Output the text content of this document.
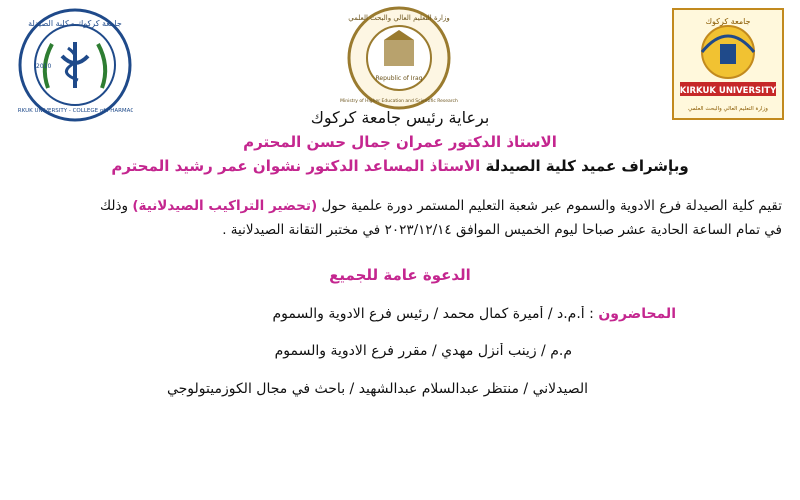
جامعة كركوك - كلية الصيدلة
KIRKUK UNIVERSITY - COLLEGE of PHARMACY
2010
وزارة التعليم العالي والبحث العلمي
Republic of Iraq
Ministry of Higher Education and Scientific Research
جامعة كركوك
KIRKUK UNIVERSITY
وزارة التعليم العالي والبحث العلمي
برعاية رئيس جامعة كركوك
الاستاذ الدكتور عمران جمال حسن المحترم
وبإشراف عميد كلية الصيدلة الاستاذ المساعد الدكتور نشوان عمر رشيد المحترم
تقيم كلية الصيدلة فرع الادوية والسموم عبر شعبة التعليم المستمر دورة علمية حول (تحضير التراكيب الصيدلانية) وذلك
في تمام الساعة الحادية عشر صباحا ليوم الخميس الموافق ٢٠٢٣/١٢/١٤ في مختبر التقانة الصيدلانية .
الدعوة عامة للجميع
المحاضرون : أ.م.د / أميرة كمال محمد / رئيس فرع الادوية والسموم
م.م / زينب أنزل مهدي / مقرر فرع الادوية والسموم
الصيدلاني / منتظر عبدالسلام عبدالشهيد / باحث في مجال الكوزميتولوجي
